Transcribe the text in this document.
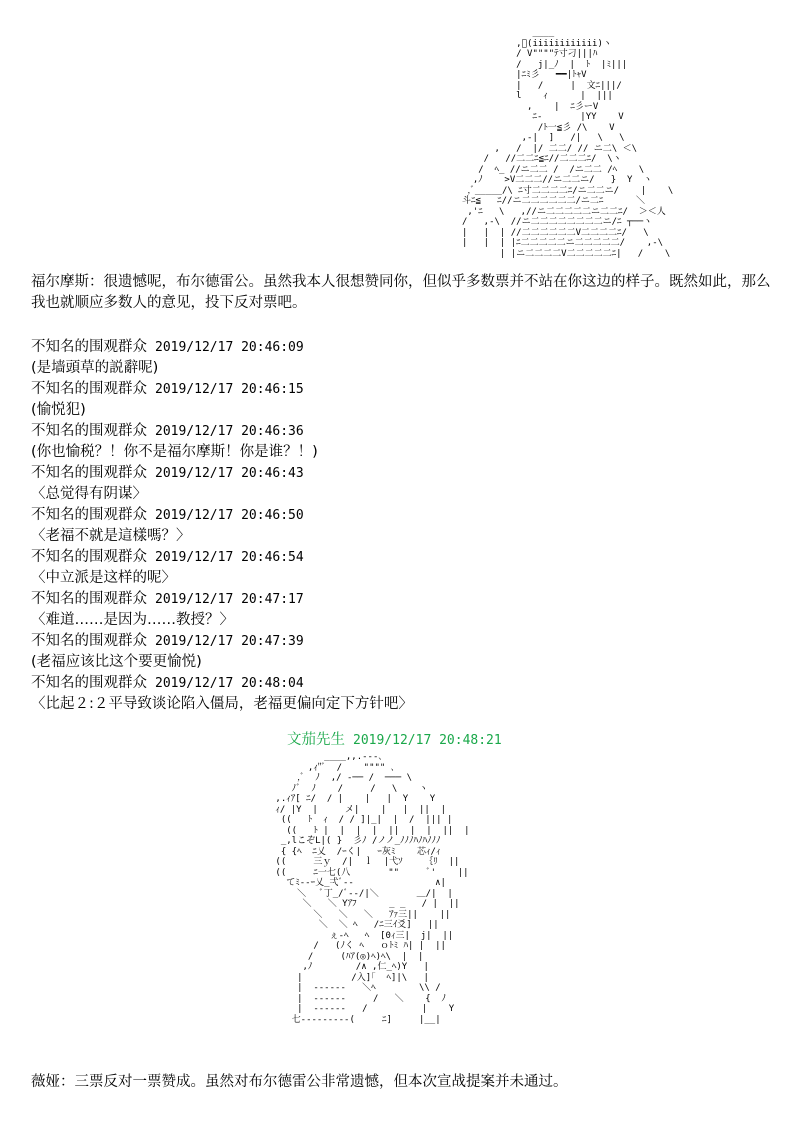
____
,ﾞ(iiiiiiiiiiii)ヽ
/ V""""ﾃ寸刁|||ﾊ
/   j|_ﾉ  |  ﾄ  |ﾐ|||
|ﾆﾐ彡   ━━|ﾄｬV
|   /     |  文ﾆ|||/
l    ｨ      |  |||
,    |  ﾆ彡ーV
ﾆ-       |YY    V
/ﾄ一≦彡 /\    V
,-|  ]   /|   \   \
,   /  |/ 二二/ // ニ二\ ＜\
/   //二二ﾆ≦ﾆ//二二二ﾆ/  \ヽ
/  ﾍ_ //ニ二二 /  /ニ二二 /ﾍ    \
,ﾉ    >V二二二//ニ二二ニ/   }  Y  ヽ
,ﾞ_____/\ ﾆ寸二二二二ﾆ/ニ二二ニ/    |    \
斗ﾆ≦   ﾆ//ニ二二二二二二/ニ二ﾆ      ＼
,'ﾆ   \   ,//ニ二二二二二ニ二二ﾆ/  ＞＜人
/   ,-\  //ニ二二二二二二二二ニ/ﾆ ┬──ヽ
|   |  | //二二二二二二V二二二二ﾆ/   \
|   |  | |ﾆ二二二二二ニ二二二二二/    ,-\
| |ニ二二二二V二二二二二ﾆ|   /    \
福尔摩斯：很遗憾呢，布尔德雷公。虽然我本人很想赞同你，但似乎多数票并不站在你这边的样子。既然如此，那么我也就顺应多数人的意见，投下反对票吧。
不知名的围观群众 2019/12/17 20:46:09
(是墙頭草的説辭呢)
不知名的围观群众 2019/12/17 20:46:15
(愉悦犯)
不知名的围观群众 2019/12/17 20:46:36
(你也愉税？！你不是福尔摩斯！你是谁？！)
不知名的围观群众 2019/12/17 20:46:43
〈总觉得有阴谋〉
不知名的围观群众 2019/12/17 20:46:50
〈老福不就是這樣嗎？〉
不知名的围观群众 2019/12/17 20:46:54
〈中立派是这样的呢〉
不知名的围观群众 2019/12/17 20:47:17
〈难道……是因为……教授？〉
不知名的围观群众 2019/12/17 20:47:39
(老福应该比这个要更愉悦)
不知名的围观群众 2019/12/17 20:48:04
〈比起２:２平导致谈论陷入僵局，老福更偏向定下方针吧〉
文茄先生 2019/12/17 20:48:21
____,,.-‐‐､
,ｨ"ﾞ  /    """" ､
,ﾞ  ﾉ  ,/ ‐── /  ─── \
ﾉﾞ  ﾉ    /     /   \    ヽ
,.ｨｱ[ ﾆ/  / |    |   |  Y    Y
ｨ/ |Y  |     メ|    |   |  ||  |
((   ﾄ  ｨ  / / ]|_|  |  /  ||| |
((   ﾄ |  |  |  |  ||  |  |  ||  |
_,lこぞL|( }  彡ﾉ /ノノ_ﾉﾉﾉﾊﾉﾊﾉﾉﾉ
{ {ﾍ  ﾆ乂  /ｰく|   ｰ灰ﾐ    芯ｨ/ｨ
((     三ｙ  /|  ｌ  |弋ｿ    ｛ﾘ  ||
((     ﾆ一七(八       ""     ﾞ'    ||
てﾐ--ｰ乂_弌ﾞ‐‐               ∧|
＼   ﾞ丁_/ﾞ‐‐/|＼       ＿/|  |
＼   ＼ Yｱﾌ      _ _   / |  ||
＼   ＼   ＼   ｱｧ三||    ||
＼  ＼ ﾍ   /ﾆ三ｲ爻]   ||
ぇ‐ﾍ   ﾍ  [0ｨ三|  j|  ||
/   (ﾉく ﾍ   ｏﾄﾐ ﾊ| |  ||
/     (ﾊｱ(◎)ﾍ)ﾍ\  |  |
,ﾉ        /∧ ,仁_ﾍ)Y   |
|         /入]｢  ﾍ]|\   |
|  ------   ＼ﾍ        \\ /
|  ------     /   ＼    {  ﾉ
|  ------   /          |    Y
七---------(     ﾆ]     |__|
薇娅：三票反对一票赞成。虽然对布尔德雷公非常遗憾，但本次宣战提案并未通过。
